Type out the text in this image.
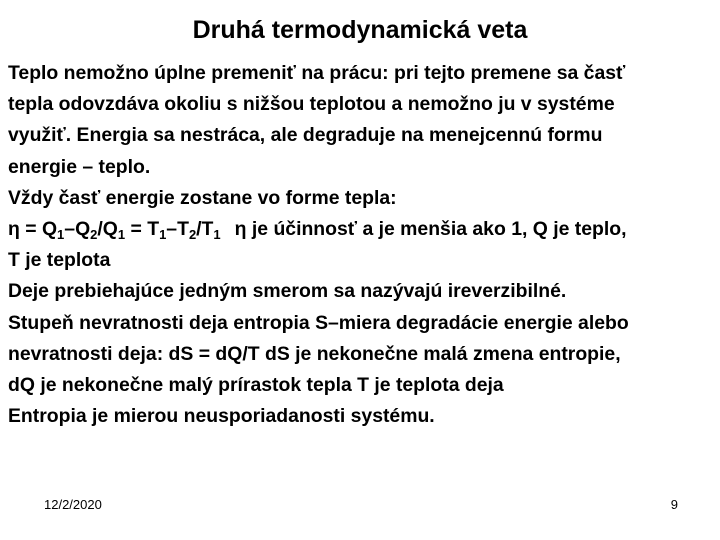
Druhá termodynamická veta
Teplo nemožno úplne premeniť na prácu: pri tejto premene sa časť
tepla odovzdáva okoliu s nižšou teplotou a nemožno ju v systéme
využiť. Energia sa nestráca, ale degraduje na menejcennú formu
energie – teplo.
Vždy časť energie zostane vo forme tepla:
$\eta = Q_1-Q_2/Q_1 = T_1-T_2/T_1$ η je účinnosť a je menšia ako 1, Q je teplo,
T je teplota
Deje prebiehajúce jedným smerom sa nazývajú ireverzibilné.
Stupeň nevratnosti deja entropia S–miera degradácie energie alebo
nevratnosti deja: dS = dQ/T dS je nekonečne malá zmena entropie,
dQ je nekonečne malý prírastok tepla T je teplota deja
Entropia je mierou neusporiadanosti systému.
12/2/2020	9
